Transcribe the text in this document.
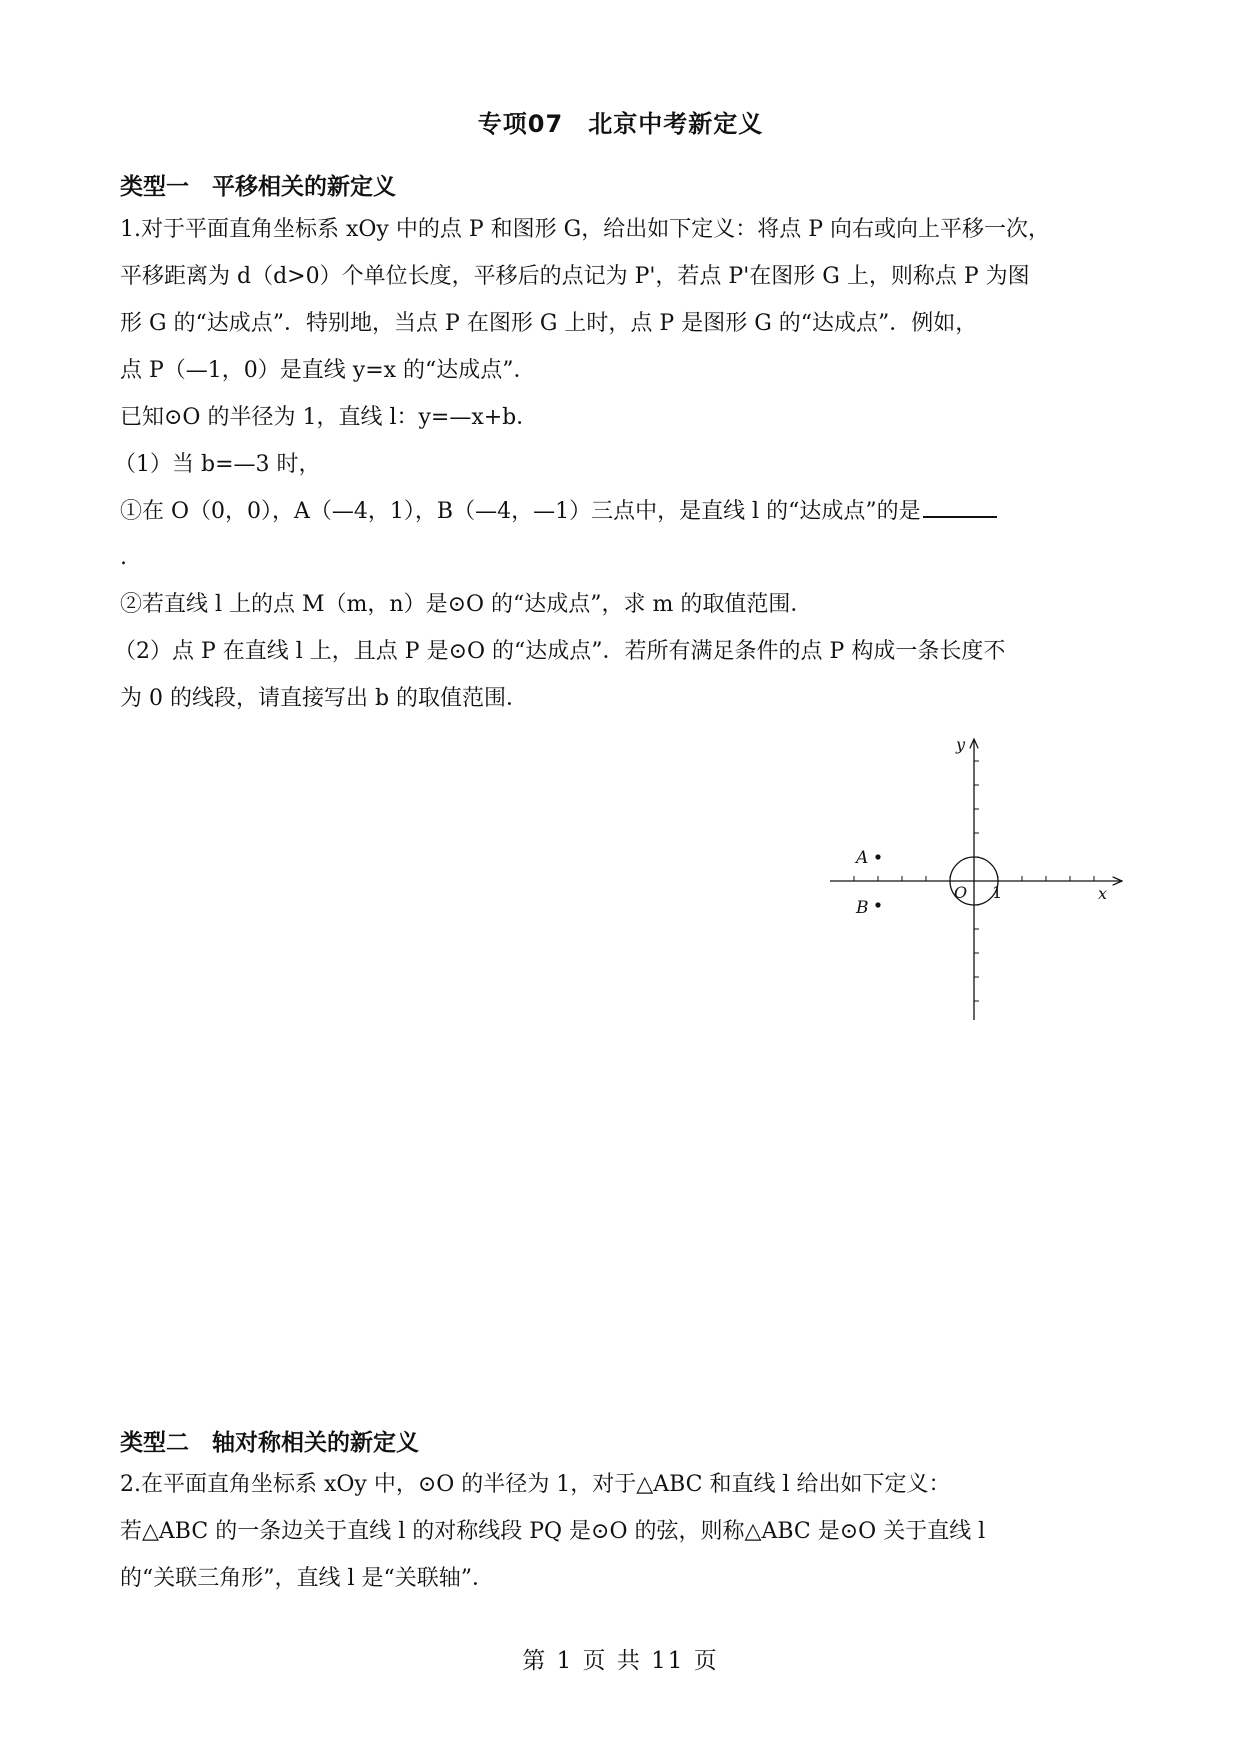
专项07　北京中考新定义
类型一　平移相关的新定义
1.对于平面直角坐标系 xOy 中的点 P 和图形 G，给出如下定义：将点 P 向右或向上平移一次，
平移距离为 d（d>0）个单位长度，平移后的点记为 P'，若点 P'在图形 G 上，则称点 P 为图
形 G 的“达成点”．特别地，当点 P 在图形 G 上时，点 P 是图形 G 的“达成点”．例如，
点 P（—1，0）是直线 y=x 的“达成点”．
已知⊙O 的半径为 1，直线 l：y=—x+b．
（1）当 b=—3 时，
①在 O（0，0），A（—4，1），B（—4，—1）三点中，是直线 l 的“达成点”的是
.
②若直线 l 上的点 M（m，n）是⊙O 的“达成点”，求 m 的取值范围．
（2）点 P 在直线 l 上，且点 P 是⊙O 的“达成点”．若所有满足条件的点 P 构成一条长度不
为 0 的线段，请直接写出 b 的取值范围．
A
B
O 1	x
y
类型二　轴对称相关的新定义
2.在平面直角坐标系 xOy 中，⊙O 的半径为 1，对于△ABC 和直线 l 给出如下定义：
若△ABC 的一条边关于直线 l 的对称线段 PQ 是⊙O 的弦，则称△ABC 是⊙O 关于直线 l
的“关联三角形”，直线 l 是“关联轴”．
第 1 页 共 11 页
